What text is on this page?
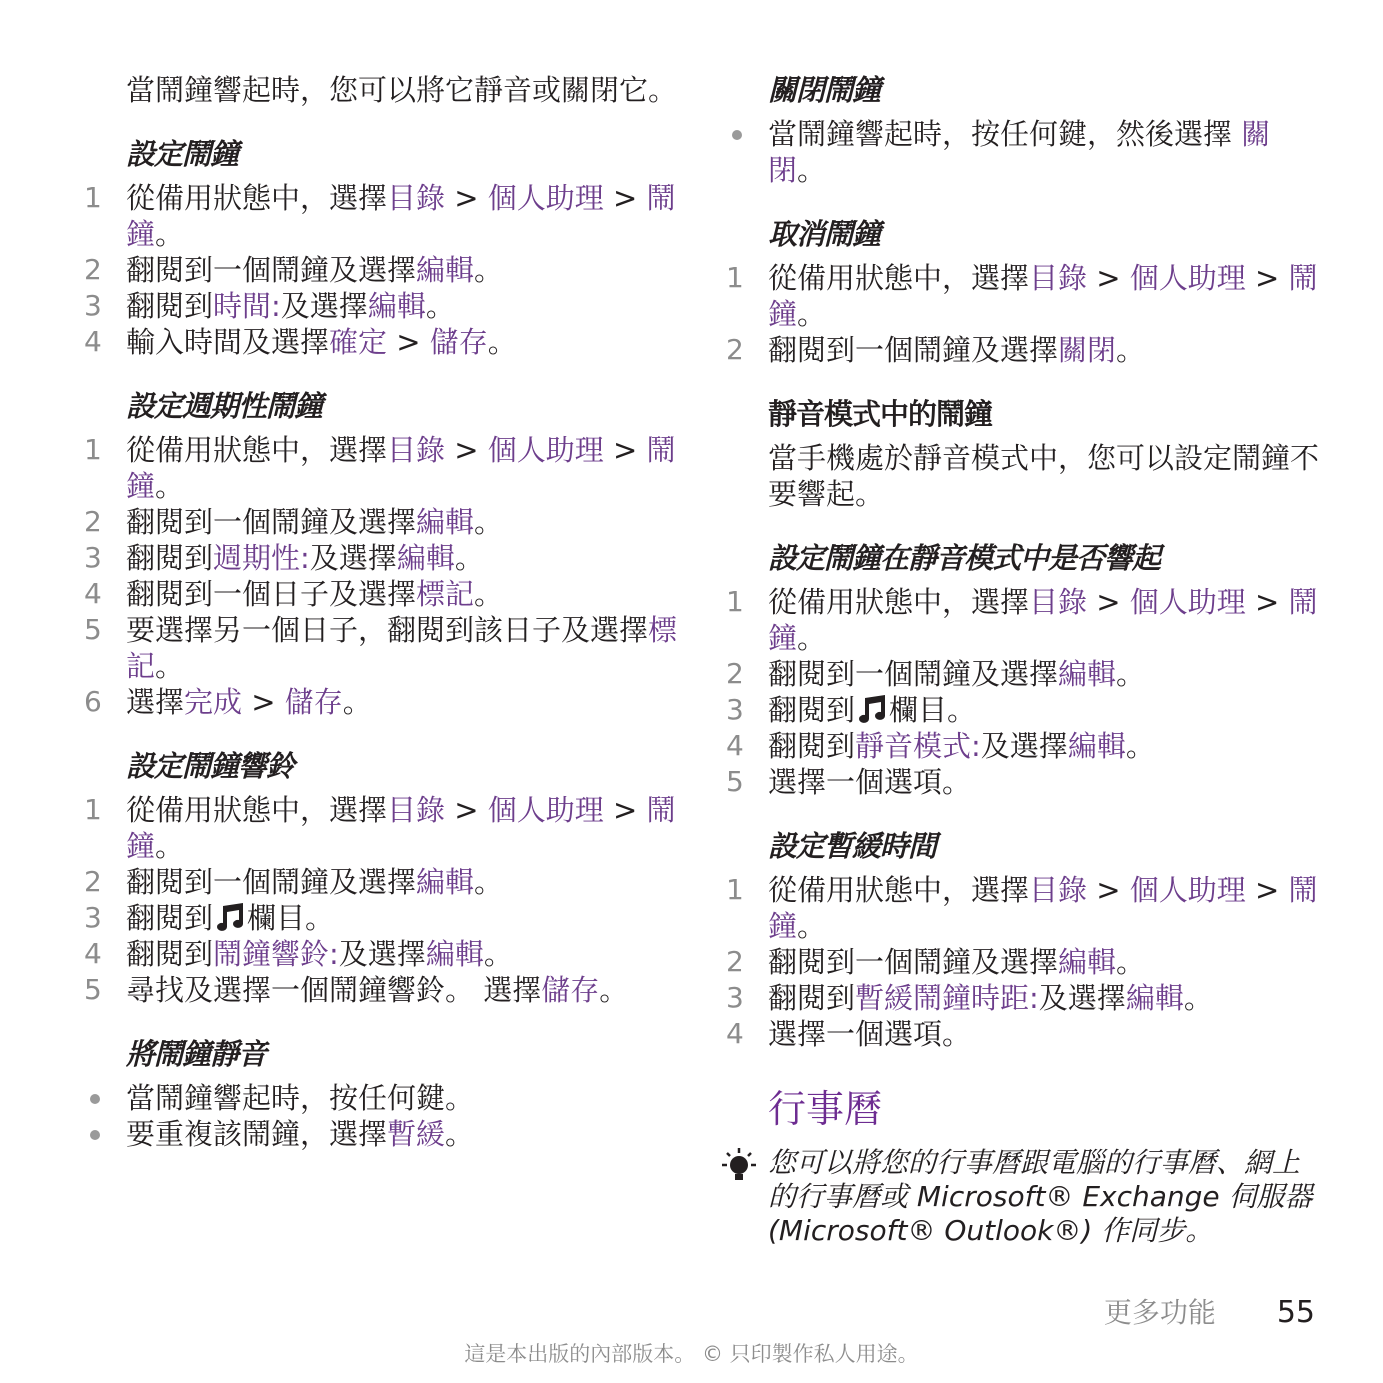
當鬧鐘響起時，您可以將它靜音或關閉它。

設定鬧鐘
1 從備用狀態中，選擇目錄 > 個人助理 > 鬧鐘。
2 翻閱到一個鬧鐘及選擇編輯。
3 翻閱到時間:及選擇編輯。
4 輸入時間及選擇確定 > 儲存。
設定週期性鬧鐘
1 從備用狀態中，選擇目錄 > 個人助理 > 鬧鐘。
2 翻閱到一個鬧鐘及選擇編輯。
3 翻閱到週期性:及選擇編輯。
4 翻閱到一個日子及選擇標記。
5 要選擇另一個日子，翻閱到該日子及選擇標記。
6 選擇完成 > 儲存。
設定鬧鐘響鈴
1 從備用狀態中，選擇目錄 > 個人助理 > 鬧鐘。
2 翻閱到一個鬧鐘及選擇編輯。
3 翻閱到 欄目。
4 翻閱到鬧鐘響鈴:及選擇編輯。
5 尋找及選擇一個鬧鐘響鈴。 選擇儲存。
將鬧鐘靜音
當鬧鐘響起時，按任何鍵。
要重複該鬧鐘，選擇暫緩。
關閉鬧鐘
當鬧鐘響起時，按任何鍵，然後選擇 關閉。
取消鬧鐘
1 從備用狀態中，選擇目錄 > 個人助理 > 鬧鐘。
2 翻閱到一個鬧鐘及選擇關閉。
靜音模式中的鬧鐘

當手機處於靜音模式中，您可以設定鬧鐘不要響起。

設定鬧鐘在靜音模式中是否響起
1 從備用狀態中，選擇目錄 > 個人助理 > 鬧鐘。
2 翻閱到一個鬧鐘及選擇編輯。
3 翻閱到 欄目。
4 翻閱到靜音模式:及選擇編輯。
5 選擇一個選項。
設定暫緩時間
1 從備用狀態中，選擇目錄 > 個人助理 > 鬧鐘。
2 翻閱到一個鬧鐘及選擇編輯。
3 翻閱到暫緩鬧鐘時距:及選擇編輯。
4 選擇一個選項。
行事曆
您可以將您的行事曆跟電腦的行事曆、網上的行事曆或 Microsoft® Exchange 伺服器 (Microsoft® Outlook®) 作同步。
更多功能 55
這是本出版的內部版本。 © 只印製作私人用途。
